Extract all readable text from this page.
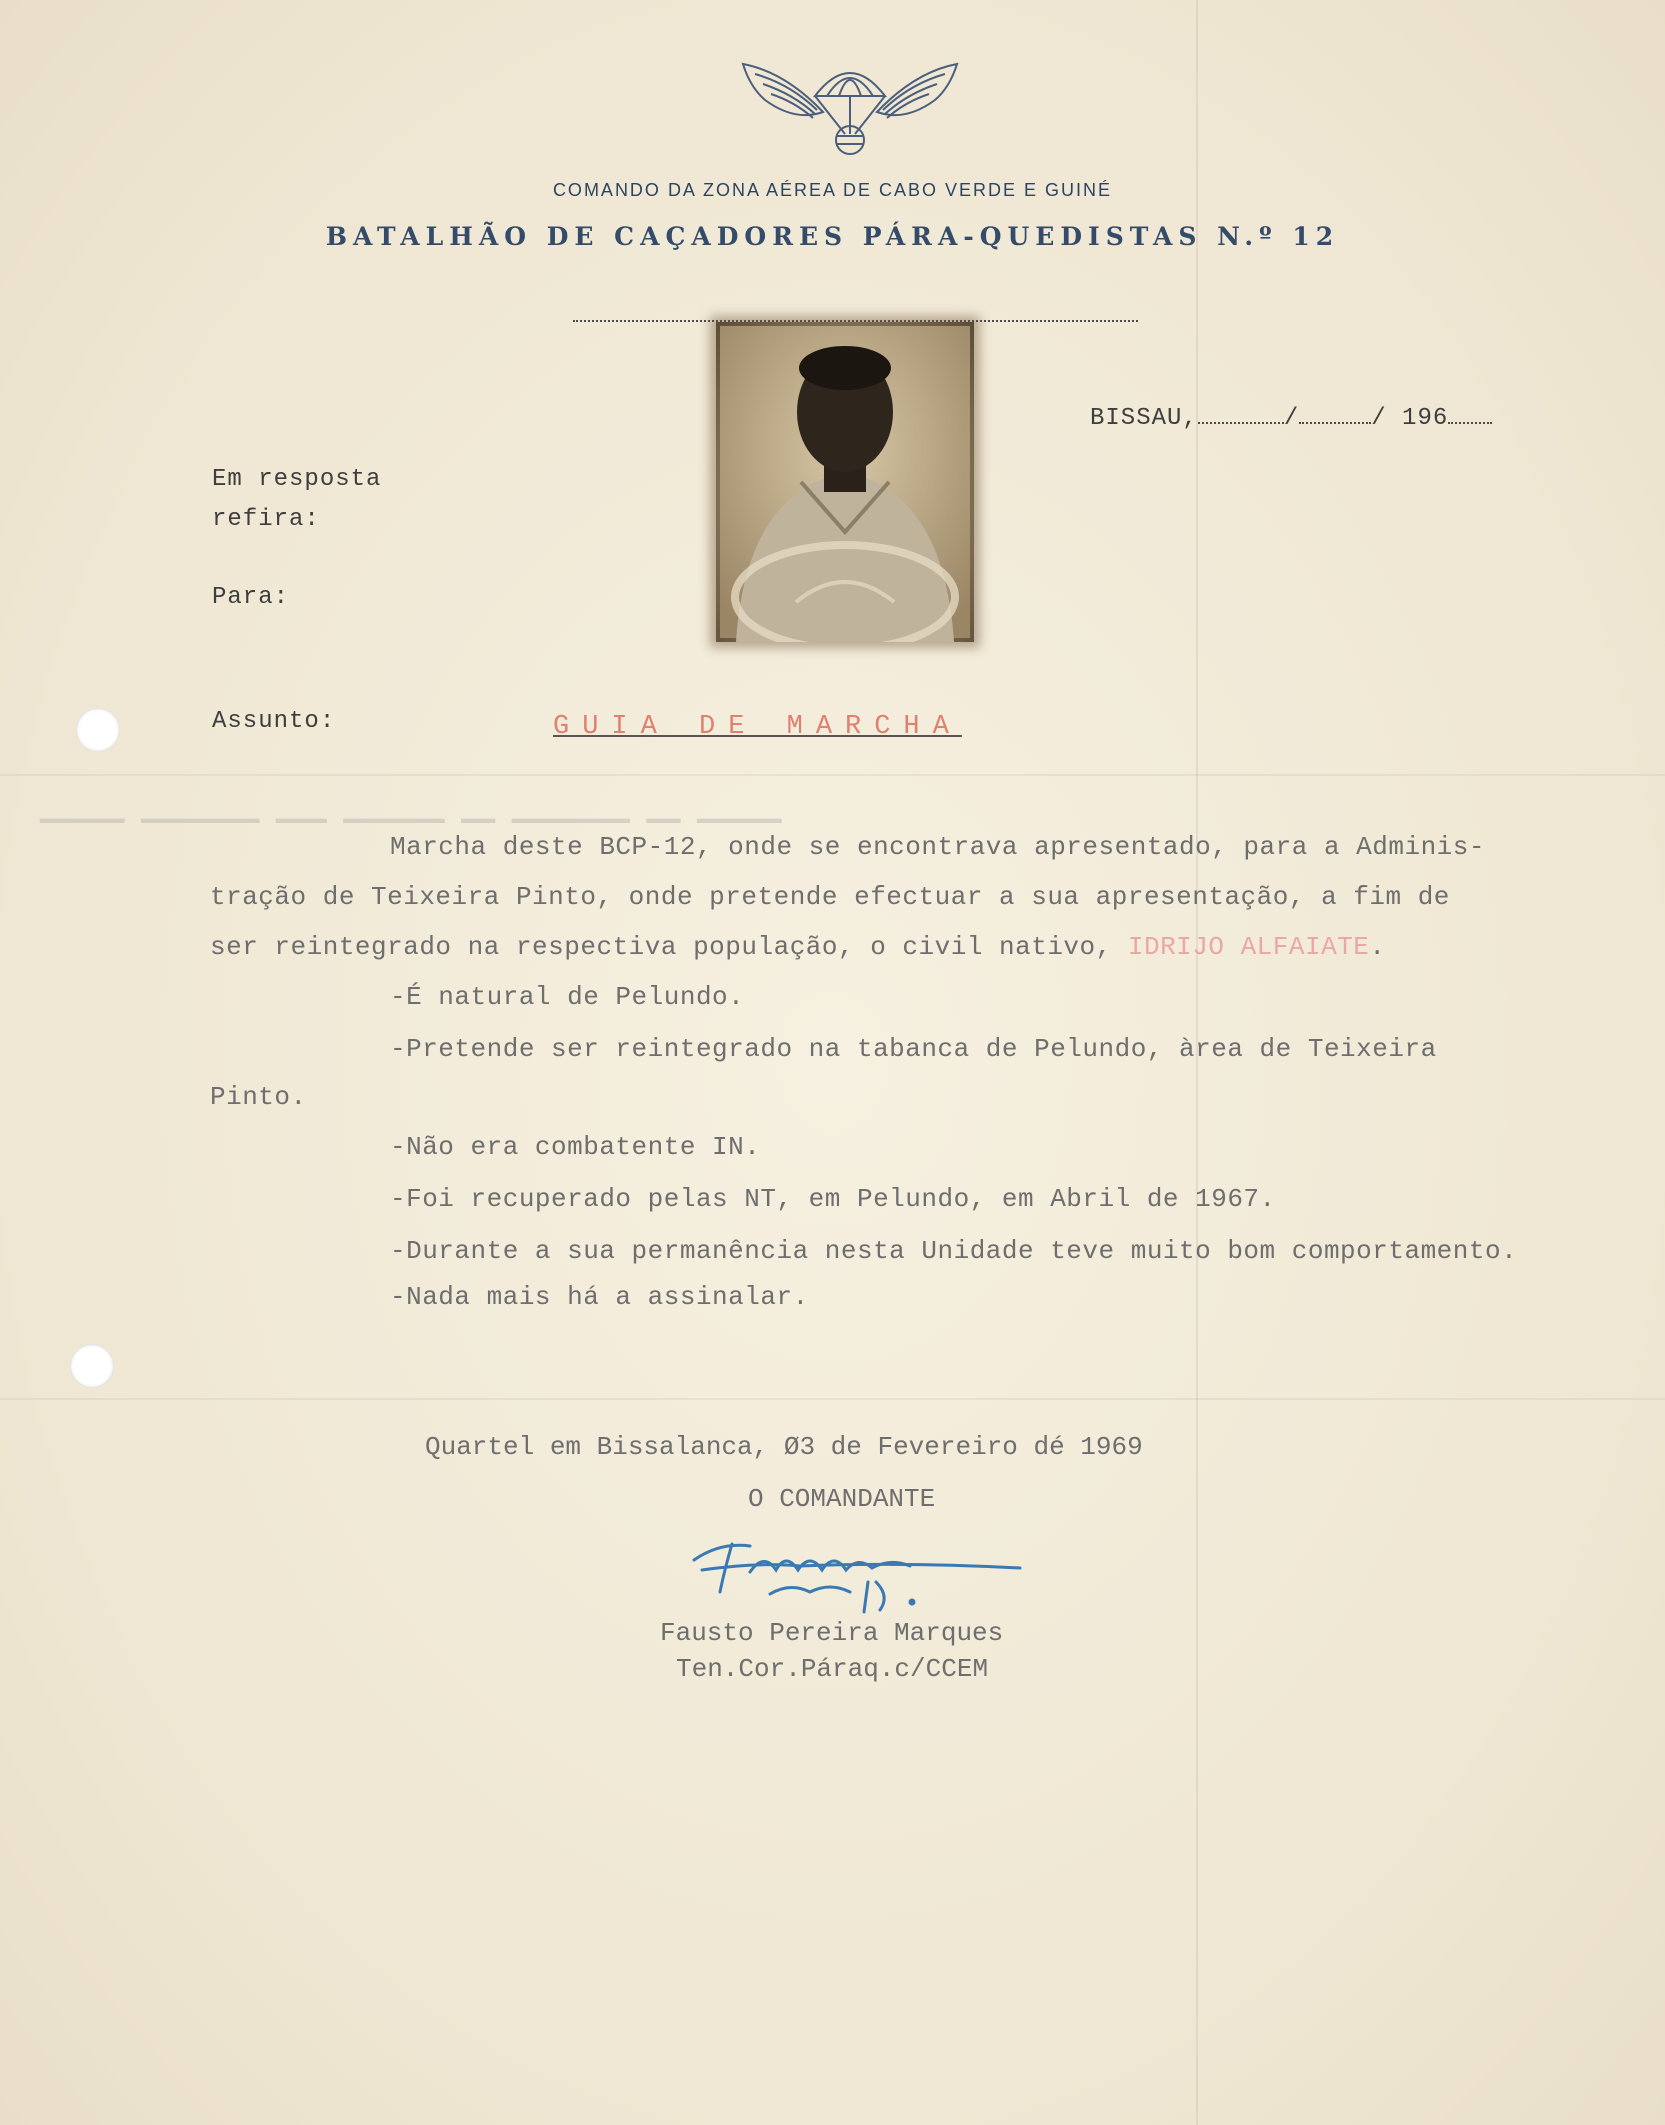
▁▁▁▁▁ ▁▁ ▁▁▁▁▁▁▁ ▁▁ ▁▁▁▁▁▁ ▁▁▁ ▁▁▁▁▁▁▁ ▁▁▁▁▁
COMANDO DA ZONA AÉREA DE CABO VERDE E GUINÉ
BATALHÃO DE CAÇADORES PÁRA-QUEDISTAS N.º 12
BISSAU,	/	/ 196
Em resposta
refira:
Para:
Assunto:	GUIA DE MARCHA
Marcha deste BCP-12, onde se encontrava apresentado, para a Adminis-
tração de Teixeira Pinto, onde pretende efectuar a sua apresentação, a fim de
ser reintegrado na respectiva população, o civil nativo, IDRIJO ALFAIATE.
-É natural de Pelundo.
-Pretende ser reintegrado na tabanca de Pelundo, àrea de Teixeira
Pinto.
-Não era combatente IN.
-Foi recuperado pelas NT, em Pelundo, em Abril de 1967.
-Durante a sua permanência nesta Unidade teve muito bom comportamento.
-Nada mais há a assinalar.
Quartel em Bissalanca, Ø3 de Fevereiro dé 1969
O COMANDANTE
Fausto Pereira Marques
Ten.Cor.Páraq.c/CCEM
